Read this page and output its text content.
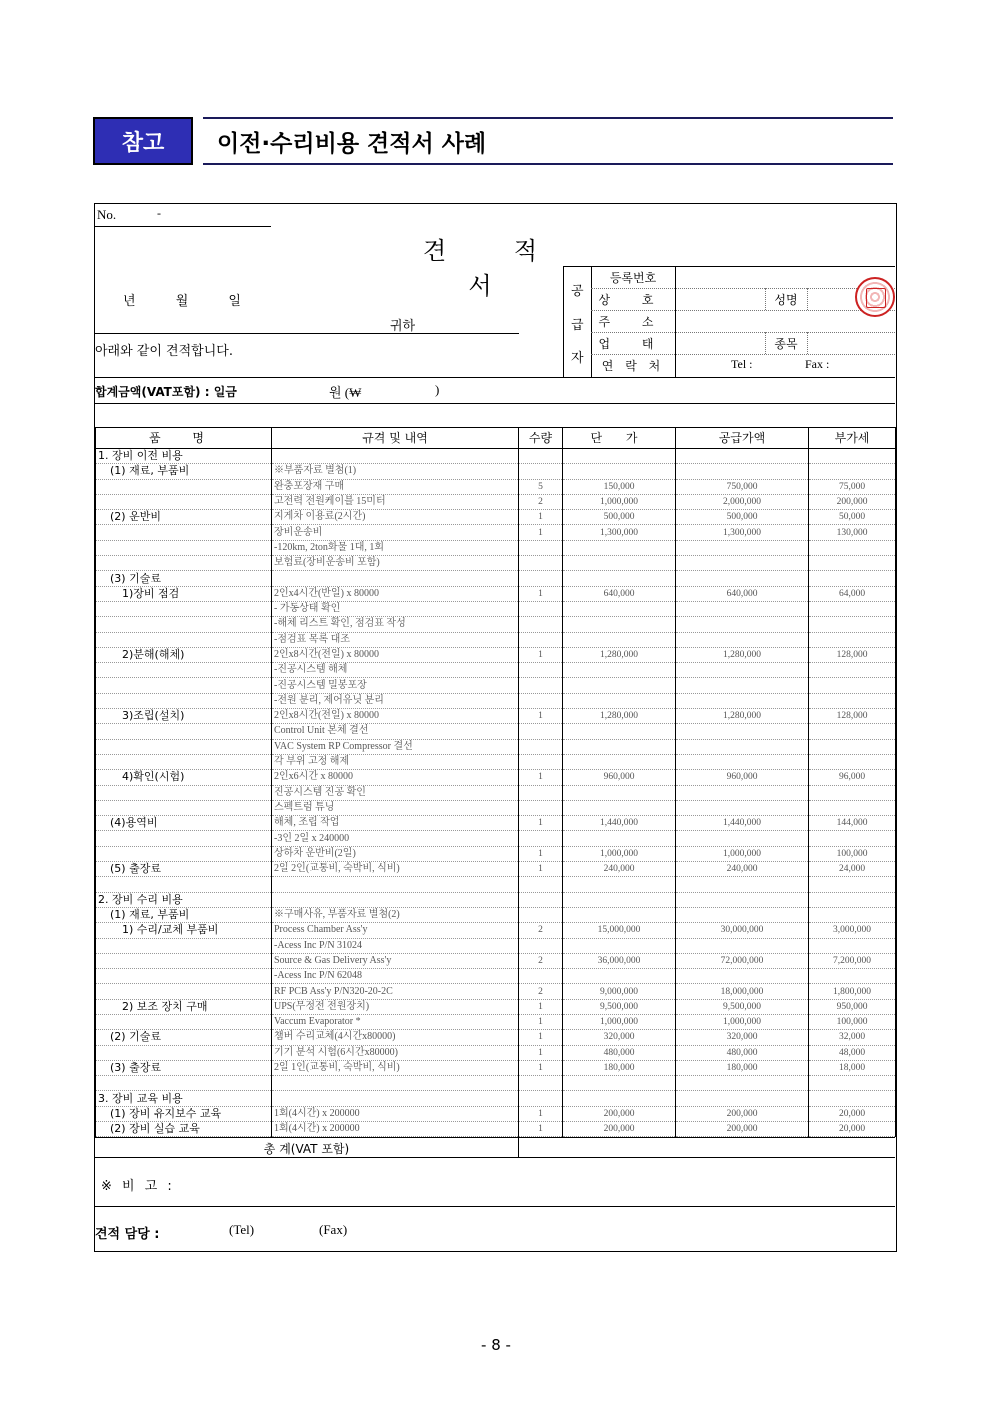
참고	이전·수리비용 견적서 사례
No.	-
견 적 서
년 월 일
귀하
아래와 같이 견적합니다.
공
급
자
등록번호
상 호	성명
주 소
업 태	종목
연 락 처	Tel :	Fax :
합계금액(VAT포함) : 일금	원 (₩	)
품 명	규격 및 내역	수량	단 가	공급가액	부가세
1. 장비 이전 비용					
(1) 재료, 부품비	※부품자료 별첨(1)				
	완충포장재 구매	5	150,000	750,000	75,000
	고전력 전원케이블 15미터	2	1,000,000	2,000,000	200,000
(2) 운반비	지게차 이용료(2시간)	1	500,000	500,000	50,000
	장비운송비	1	1,300,000	1,300,000	130,000
	-120km, 2ton화물 1대, 1회				
	보험료(장비운송비 포함)				
(3) 기술료					
1)장비 점검	2인x4시간(반일) x 80000	1	640,000	640,000	64,000
	- 가동상태 확인				
	-해체 리스트 확인, 점검표 작성				
	-점검표 목록 대조				
2)분해(해체)	2인x8시간(전일) x 80000	1	1,280,000	1,280,000	128,000
	-진공시스템 해체				
	-진공시스템 밀봉포장				
	-전원 분리, 제어유닛 분리				
3)조립(설치)	2인x8시간(전일) x 80000	1	1,280,000	1,280,000	128,000
	Control Unit 본체 결선				
	VAC System RP Compressor 결선				
	각 부위 고정 해제				
4)확인(시험)	2인x6시간 x 80000	1	960,000	960,000	96,000
	진공시스템 진공 확인				
	스펙트럼 튜닝				
(4)용역비	해체, 조립 작업	1	1,440,000	1,440,000	144,000
	-3인 2일 x 240000				
	상하차 운반비(2일)	1	1,000,000	1,000,000	100,000
(5) 출장료	2일 2인(교통비, 숙박비, 식비)	1	240,000	240,000	24,000

2. 장비 수리 비용					
(1) 재료, 부품비	※구매사유, 부품자료 별첨(2)				
1) 수리/교체 부품비	Process Chamber Ass'y	2	15,000,000	30,000,000	3,000,000
	-Acess Inc P/N 31024				
	Source & Gas Delivery Ass'y	2	36,000,000	72,000,000	7,200,000
	-Acess Inc P/N 62048				
	RF PCB Ass'y P/N320-20-2C	2	9,000,000	18,000,000	1,800,000
2) 보조 장치 구매	UPS(무정전 전원장치)	1	9,500,000	9,500,000	950,000
	Vaccum Evaporator *	1	1,000,000	1,000,000	100,000
(2) 기술료	챔버 수리교체(4시간x80000)	1	320,000	320,000	32,000
	기기 분석 시험(6시간x80000)	1	480,000	480,000	48,000
(3) 출장료	2일 1인(교통비, 숙박비, 식비)	1	180,000	180,000	18,000

3. 장비 교육 비용					
(1) 장비 유지보수 교육	1회(4시간) x 200000	1	200,000	200,000	20,000
(2) 장비 실습 교육	1회(4시간) x 200000	1	200,000	200,000	20,000
총 계(VAT 포함)
※ 비 고 :
견적 담당 :	(Tel)	(Fax)
- 8 -
